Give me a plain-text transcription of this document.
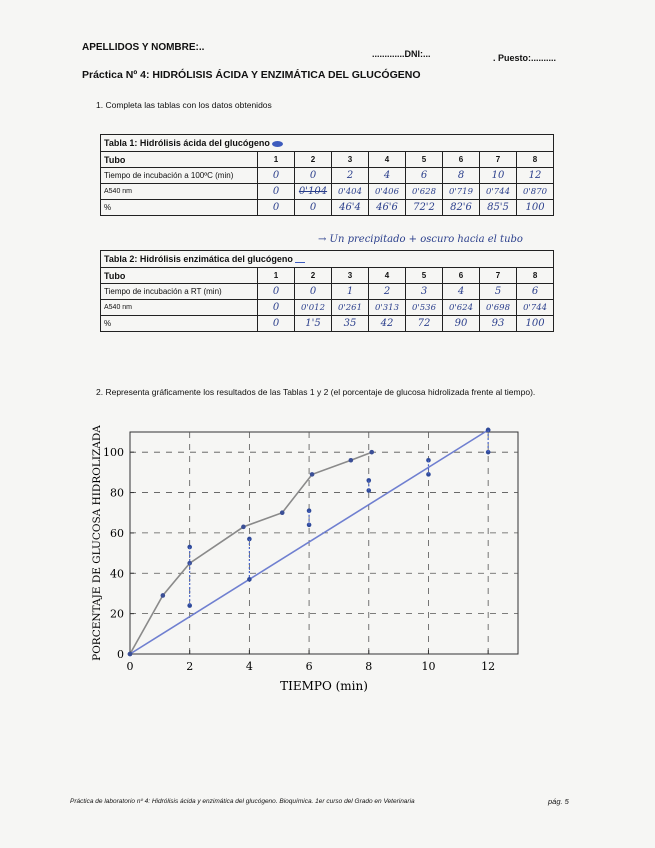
APELLIDOS Y NOMBRE:..
.............DNI:...	. Puesto:..........
Práctica Nº 4: HIDRÓLISIS ÁCIDA Y ENZIMÁTICA DEL GLUCÓGENO
1. Completa las tablas con los datos obtenidos
Tabla 1: Hidrólisis ácida del glucógeno								
Tubo	1	2	3	4	5	6	7	8
Tiempo de incubación a 100ºC (min)	0	0	2	4	6	8	10	12
A540 nm	0	0'104	0'404	0'406	0'628	0'719	0'744	0'870
%	0	0	46'4	46'6	72'2	82'6	85'5	100
→ Un precipitado + oscuro hacia el tubo
Tabla 2: Hidrólisis enzimática del glucógeno								
Tubo	1	2	3	4	5	6	7	8
Tiempo de incubación a RT (min)	0	0	1	2	3	4	5	6
A540 nm	0	0'012	0'261	0'313	0'536	0'624	0'698	0'744
%	0	1'5	35	42	72	90	93	100
2. Representa gráficamente los resultados de las Tablas 1 y 2 (el porcentaje de glucosa hidrolizada frente al tiempo).
0
20
40
60
80
100
0	2	4	6	8	10	12
TIEMPO (min)
PORCENTAJE DE GLUCOSA HIDROLIZADA
Práctica de laboratorio nº 4: Hidrólisis ácida y enzimática del glucógeno. Bioquímica. 1er curso del Grado en Veterinaria	pág. 5
